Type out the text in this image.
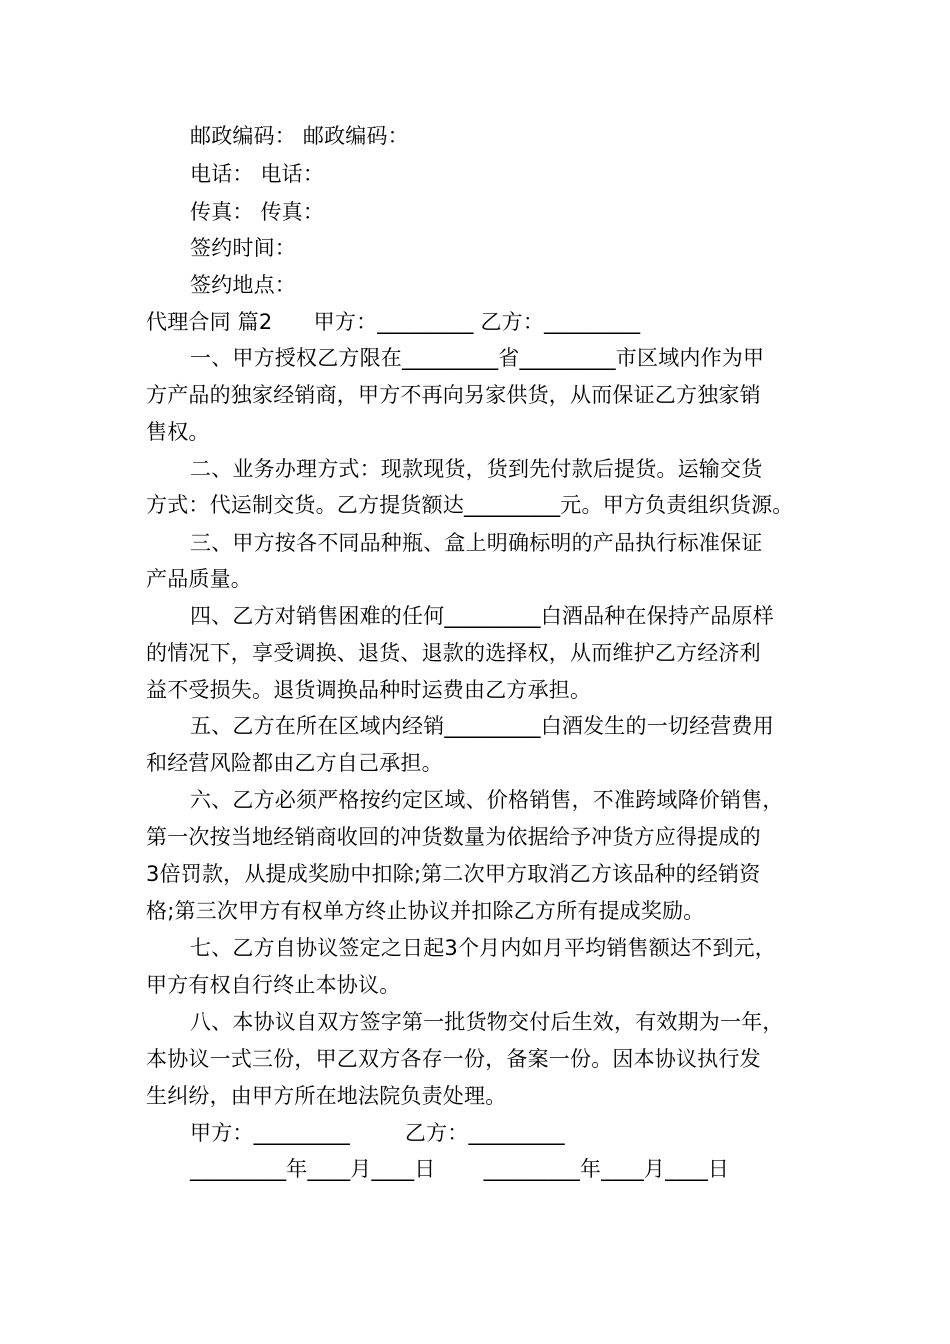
邮政编码： 邮政编码：
电话： 电话：
传真： 传真：
签约时间：
签约地点：
代理合同 篇2      甲方：_________ 乙方：_________
一、甲方授权乙方限在_________省_________市区域内作为甲
方产品的独家经销商，甲方不再向另家供货，从而保证乙方独家销
售权。
二、业务办理方式：现款现货，货到先付款后提货。运输交货
方式：代运制交货。乙方提货额达_________元。甲方负责组织货源。
三、甲方按各不同品种瓶、盒上明确标明的产品执行标准保证
产品质量。
四、乙方对销售困难的任何_________白酒品种在保持产品原样
的情况下，享受调换、退货、退款的选择权，从而维护乙方经济利
益不受损失。退货调换品种时运费由乙方承担。
五、乙方在所在区域内经销_________白酒发生的一切经营费用
和经营风险都由乙方自己承担。
六、乙方必须严格按约定区域、价格销售，不准跨域降价销售，
第一次按当地经销商收回的冲货数量为依据给予冲货方应得提成的
3倍罚款，从提成奖励中扣除;第二次甲方取消乙方该品种的经销资
格;第三次甲方有权单方终止协议并扣除乙方所有提成奖励。
七、乙方自协议签定之日起3个月内如月平均销售额达不到元，
甲方有权自行终止本协议。
八、本协议自双方签字第一批货物交付后生效，有效期为一年，
本协议一式三份，甲乙双方各存一份，备案一份。因本协议执行发
生纠纷，由甲方所在地法院负责处理。
甲方：_________        乙方：_________
_________年____月____日       _________年____月____日
